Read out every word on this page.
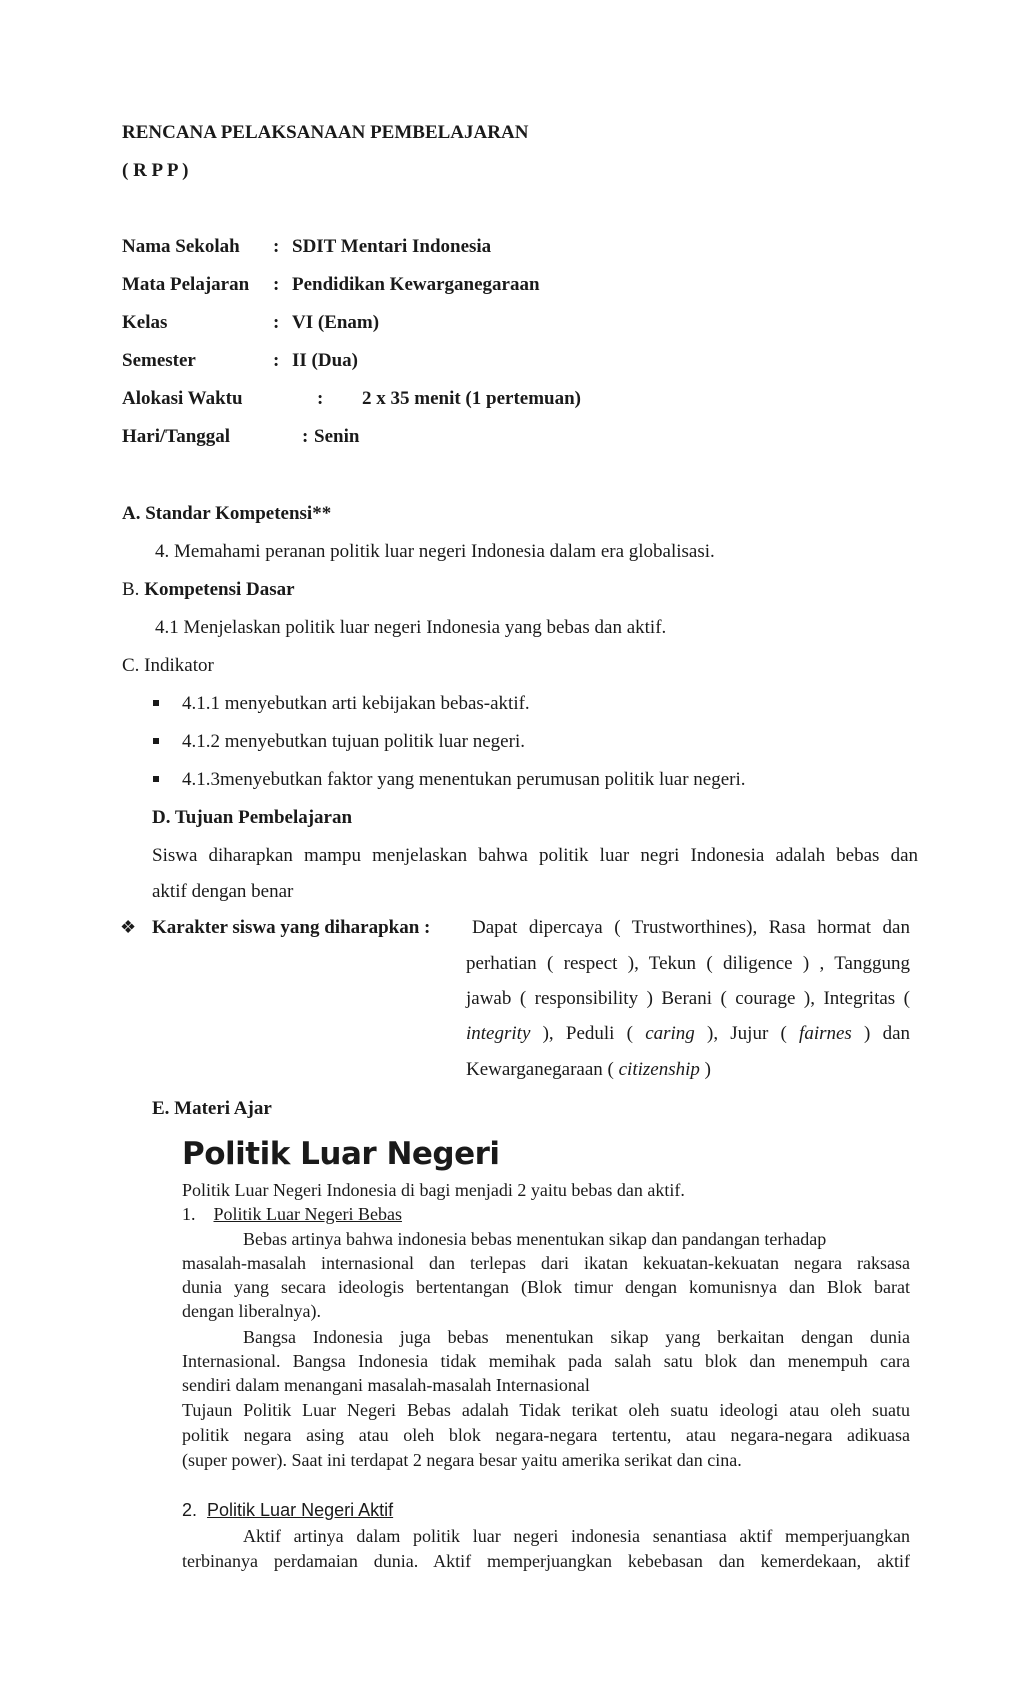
RENCANA PELAKSANAAN PEMBELAJARAN
( R P P )
Nama Sekolah : SDIT Mentari Indonesia
Mata Pelajaran : Pendidikan Kewarganegaraan
Kelas	: VI (Enam)
Semester	: II (Dua)
Alokasi Waktu	: 2 x 35 menit (1 pertemuan)
Hari/Tanggal	: Senin
A. Standar Kompetensi**
4. Memahami peranan politik luar negeri Indonesia dalam era globalisasi.
B. Kompetensi Dasar
4.1 Menjelaskan politik luar negeri Indonesia yang bebas dan aktif.
C. Indikator
4.1.1 menyebutkan arti kebijakan bebas-aktif.
4.1.2 menyebutkan tujuan politik luar negeri.
4.1.3menyebutkan faktor yang menentukan perumusan politik luar negeri.
D. Tujuan Pembelajaran
Siswa diharapkan mampu menjelaskan bahwa politik luar negri Indonesia adalah bebas dan
aktif dengan benar
❖ Karakter siswa yang diharapkan : Dapat dipercaya ( Trustworthines), Rasa hormat dan
perhatian ( respect ), Tekun ( diligence ) , Tanggung
jawab ( responsibility ) Berani ( courage ), Integritas (
integrity ), Peduli ( caring ), Jujur ( fairnes ) dan
Kewarganegaraan ( citizenship )
E. Materi Ajar
Politik Luar Negeri
Politik Luar Negeri Indonesia di bagi menjadi 2 yaitu bebas dan aktif.
1. Politik Luar Negeri Bebas
Bebas artinya bahwa indonesia bebas menentukan sikap dan pandangan terhadap
masalah-masalah internasional dan terlepas dari ikatan kekuatan-kekuatan negara raksasa
dunia yang secara ideologis bertentangan (Blok timur dengan komunisnya dan Blok barat
dengan liberalnya).
Bangsa Indonesia juga bebas menentukan sikap yang berkaitan dengan dunia
Internasional. Bangsa Indonesia tidak memihak pada salah satu blok dan menempuh cara
sendiri dalam menangani masalah-masalah Internasional
Tujaun Politik Luar Negeri Bebas adalah Tidak terikat oleh suatu ideologi atau oleh suatu
politik negara asing atau oleh blok negara-negara tertentu, atau negara-negara adikuasa
(super power). Saat ini terdapat 2 negara besar yaitu amerika serikat dan cina.
2. Politik Luar Negeri Aktif
Aktif artinya dalam politik luar negeri indonesia senantiasa aktif memperjuangkan
terbinanya perdamaian dunia. Aktif memperjuangkan kebebasan dan kemerdekaan, aktif
